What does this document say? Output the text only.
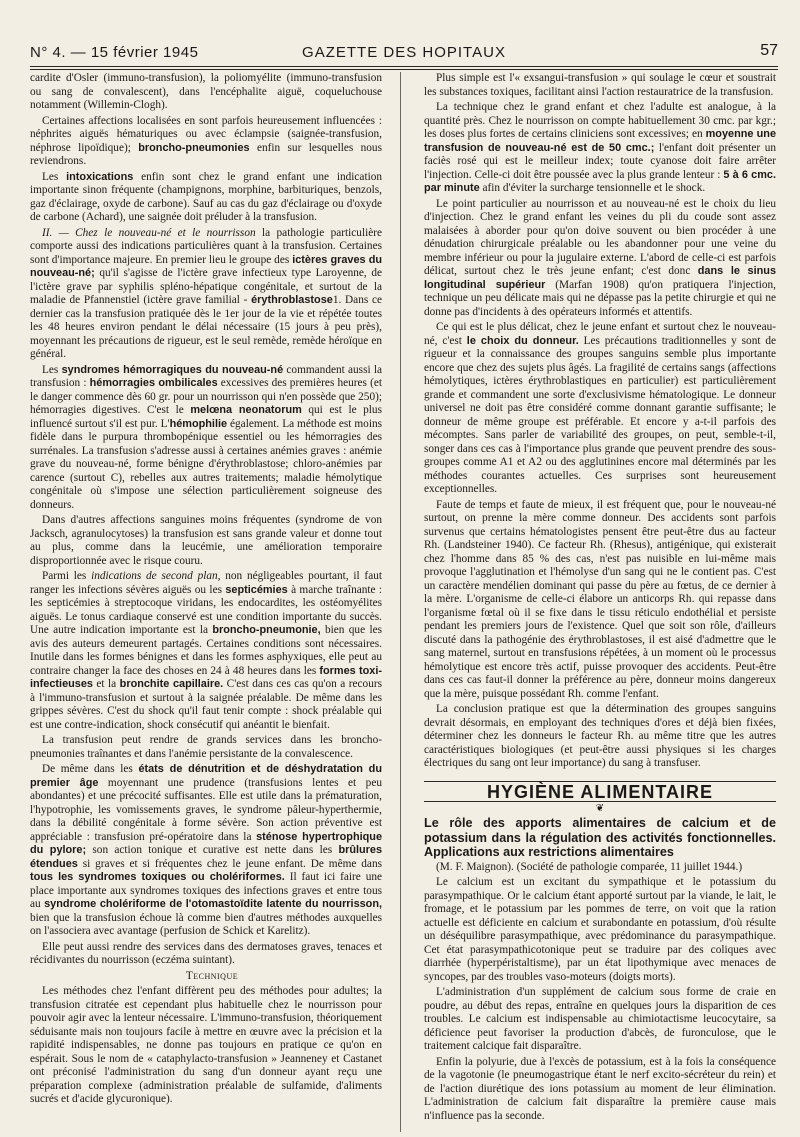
N° 4. — 15 février 1945	GAZETTE DES HOPITAUX	57

cardite d'Osler (immuno-transfusion), la poliomyélite (immuno-transfusion ou sang de convalescent), dans l'encéphalite aiguë, coqueluchouse notamment (Willemin-Clogh).

Certaines affections localisées en sont parfois heureusement influencées : néphrites aiguës hématuriques ou avec éclampsie (saignée-transfusion, néphrose lipoïdique); broncho-pneumonies enfin sur lesquelles nous reviendrons.

Les intoxications enfin sont chez le grand enfant une indication importante sinon fréquente (champignons, morphine, barbituriques, benzols, gaz d'éclairage, oxyde de carbone). Sauf au cas du gaz d'éclairage ou d'oxyde de carbone (Achard), une saignée doit préluder à la transfusion.

II. — Chez le nouveau-né et le nourrisson la pathologie particulière comporte aussi des indications particulières quant à la transfusion. Certaines sont d'importance majeure. En premier lieu le groupe des ictères graves du nouveau-né; qu'il s'agisse de l'ictère grave infectieux type Laroyenne, de l'ictère grave par syphilis spléno-hépatique congénitale, et surtout de la maladie de Pfannenstiel (ictère grave familial - érythroblastose1. Dans ce dernier cas la transfusion pratiquée dès le 1er jour de la vie et répétée toutes les 48 heures environ pendant le délai nécessaire (15 jours à peu près), moyennant les précautions de rigueur, est le seul remède, remède héroïque en général.

Les syndromes hémorragiques du nouveau-né commandent aussi la transfusion : hémorragies ombilicales excessives des premières heures (et le danger commence dès 60 gr. pour un nourrisson qui n'en possède que 250); hémorragies digestives. C'est le melœna neonatorum qui est le plus influencé surtout s'il est pur. L'hémophilie également. La méthode est moins fidèle dans le purpura thrombopénique essentiel ou les hémorragies des surrénales. La transfusion s'adresse aussi à certaines anémies graves : anémie grave du nouveau-né, forme bénigne d'érythroblastose; chloro-anémies par carence (surtout C), rebelles aux autres traitements; maladie hémolytique congénitale où s'impose une sélection particulièrement soigneuse des donneurs.

Dans d'autres affections sanguines moins fréquentes (syndrome de von Jacksch, agranulocytoses) la transfusion est sans grande valeur et donne tout au plus, comme dans la leucémie, une amélioration temporaire disproportionnée avec le risque couru.

Parmi les indications de second plan, non négligeables pourtant, il faut ranger les infections sévères aiguës ou les septicémies à marche traînante : les septicémies à streptocoque viridans, les endocardites, les ostéomyélites aiguës. Le tonus cardiaque conservé est une condition importante du succès. Une autre indication importante est la broncho-pneumonie, bien que les avis des auteurs demeurent partagés. Certaines conditions sont nécessaires. Inutile dans les formes bénignes et dans les formes asphyxiques, elle peut au contraire changer la face des choses en 24 à 48 heures dans les formes toxi-infectieuses et la bronchite capillaire. C'est dans ces cas qu'on a recours à l'immuno-transfusion et surtout à la saignée préalable. De même dans les grippes sévères. C'est du shock qu'il faut tenir compte : shock préalable qui est une contre-indication, shock consécutif qui anéantit le bienfait.

La transfusion peut rendre de grands services dans les broncho-pneumonies traînantes et dans l'anémie persistante de la convalescence.

De même dans les états de dénutrition et de déshydratation du premier âge moyennant une prudence (transfusions lentes et peu abondantes) et une précocité suffisantes. Elle est utile dans la prématuration, l'hypotrophie, les vomissements graves, le syndrome pâleur-hyperthermie, dans la débilité congénitale à forme sévère. Son action préventive est appréciable : transfusion pré-opératoire dans la sténose hypertrophique du pylore; son action tonique et curative est nette dans les brûlures étendues si graves et si fréquentes chez le jeune enfant. De même dans tous les syndromes toxiques ou cholériformes. Il faut ici faire une place importante aux syndromes toxiques des infections graves et entre tous au syndrome cholériforme de l'otomastoïdite latente du nourrisson, bien que la transfusion échoue là comme bien d'autres méthodes auxquelles on l'associera avec avantage (perfusion de Schick et Karelitz).

Elle peut aussi rendre des services dans des dermatoses graves, tenaces et récidivantes du nourrisson (eczéma suintant).

Technique

Les méthodes chez l'enfant diffèrent peu des méthodes pour adultes; la transfusion citratée est cependant plus habituelle chez le nourrisson pour pouvoir agir avec la lenteur nécessaire. L'immuno-transfusion, théoriquement séduisante mais non toujours facile à mettre en œuvre avec la précision et la rapidité indispensables, ne donne pas toujours en pratique ce qu'on en espérait. Sous le nom de « cataphylacto-transfusion » Jeanneney et Castanet ont préconisé l'administration du sang d'un donneur ayant reçu une préparation complexe (administration préalable de sulfamide, d'aliments sucrés et d'acide glycuronique).

Plus simple est l'« exsangui-transfusion » qui soulage le cœur et soustrait les substances toxiques, facilitant ainsi l'action restauratrice de la transfusion.

La technique chez le grand enfant et chez l'adulte est analogue, à la quantité près. Chez le nourrisson on compte habituellement 30 cmc. par kgr.; les doses plus fortes de certains cliniciens sont excessives; en moyenne une transfusion de nouveau-né est de 50 cmc.; l'enfant doit présenter un faciès rosé qui est le meilleur index; toute cyanose doit faire arrêter l'injection. Celle-ci doit être poussée avec la plus grande lenteur : 5 à 6 cmc. par minute afin d'éviter la surcharge tensionnelle et le shock.

Le point particulier au nourrisson et au nouveau-né est le choix du lieu d'injection. Chez le grand enfant les veines du pli du coude sont assez malaisées à aborder pour qu'on doive souvent ou bien procéder à une dénudation chirurgicale préalable ou les abandonner pour une veine du membre inférieur ou pour la jugulaire externe. L'abord de celle-ci est parfois délicat, surtout chez le très jeune enfant; c'est donc dans le sinus longitudinal supérieur (Marfan 1908) qu'on pratiquera l'injection, technique un peu délicate mais qui ne dépasse pas la petite chirurgie et qui ne donne pas d'incidents à des opérateurs informés et attentifs.

Ce qui est le plus délicat, chez le jeune enfant et surtout chez le nouveau-né, c'est le choix du donneur. Les précautions traditionnelles y sont de rigueur et la connaissance des groupes sanguins semble plus importante encore que chez des sujets plus âgés. La fragilité de certains sangs (affections hémolytiques, ictères érythroblastiques en particulier) est particulièrement grande et commandent une sorte d'exclusivisme hématologique. Le donneur universel ne doit pas être considéré comme donnant garantie suffisante; le donneur de même groupe est préférable. Et encore y a-t-il parfois des mécomptes. Sans parler de variabilité des groupes, on peut, semble-t-il, songer dans ces cas à l'importance plus grande que peuvent prendre des sous-groupes comme A1 et A2 ou des agglutinines encore mal déterminés par les méthodes courantes actuelles. Ces surprises sont heureusement exceptionnelles.

Faute de temps et faute de mieux, il est fréquent que, pour le nouveau-né surtout, on prenne la mère comme donneur. Des accidents sont parfois survenus que certains hématologistes pensent être peut-être dus au facteur Rh. (Landsteiner 1940). Ce facteur Rh. (Rhesus), antigénique, qui existerait chez l'homme dans 85 % des cas, n'est pas nuisible en lui-même mais provoque l'agglutination et l'hémolyse d'un sang qui ne le contient pas. C'est un caractère mendélien dominant qui passe du père au fœtus, de ce dernier à la mère. L'organisme de celle-ci élabore un anticorps Rh. qui repasse dans l'organisme fœtal où il se fixe dans le tissu réticulo endothélial et persiste pendant les premiers jours de l'existence. Quel que soit son rôle, d'ailleurs discuté dans la pathogénie des érythroblastoses, il est aisé d'admettre que le sang maternel, surtout en transfusions répétées, à un moment où le processus hémolytique est encore très actif, puisse provoquer des accidents. Peut-être dans ces cas faut-il donner la préférence au père, donneur moins dangereux que la mère, puisque possédant Rh. comme l'enfant.

La conclusion pratique est que la détermination des groupes sanguins devrait désormais, en employant des techniques d'ores et déjà bien fixées, déterminer chez les donneurs le facteur Rh. au même titre que les autres caractéristiques biologiques (et peut-être aussi physiques si les charges électriques du sang ont leur importance) du sang à transfuser.

HYGIÈNE ALIMENTAIRE
❦
Le rôle des apports alimentaires de calcium et de potassium dans la régulation des activités fonctionnelles. Applications aux restrictions alimentaires

(M. F. Maignon). (Société de pathologie comparée, 11 juillet 1944.)

Le calcium est un excitant du sympathique et le potassium du parasympathique. Or le calcium étant apporté surtout par la viande, le lait, le fromage, et le potassium par les pommes de terre, on voit que la ration actuelle est déficiente en calcium et surabondante en potassium, d'où résulte un déséquilibre parasympathique, avec prédominance du parasympathique. Cet état parasympathicotonique peut se traduire par des coliques avec diarrhée (hyperpéristaltisme), par un état lipothymique avec menaces de syncopes, par des troubles vaso-moteurs (doigts morts).

L'administration d'un supplément de calcium sous forme de craie en poudre, au début des repas, entraîne en quelques jours la disparition de ces troubles. Le calcium est indispensable au chimiotactisme leucocytaire, sa déficience peut favoriser la production d'abcès, de furonculose, que le traitement calcique fait disparaître.

Enfin la polyurie, due à l'excès de potassium, est à la fois la conséquence de la vagotonie (le pneumogastrique étant le nerf excito-sécréteur du rein) et de l'action diurétique des ions potassium au moment de leur élimination. L'administration de calcium fait disparaître la première cause mais n'influence pas la seconde.
